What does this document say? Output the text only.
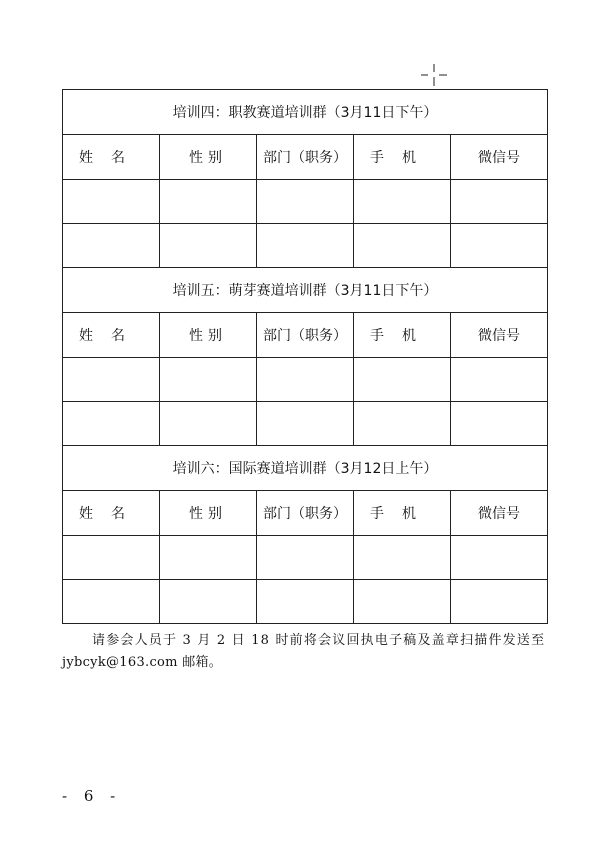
培训四：职教赛道培训群（3月11日下午）				
姓名	性别	部门（职务）	手机	微信号

培训五：萌芽赛道培训群（3月11日下午）				
姓名	性别	部门（职务）	手机	微信号

培训六：国际赛道培训群（3月12日上午）				
姓名	性别	部门（职务）	手机	微信号

请参会人员于 3 月 2 日 18 时前将会议回执电子稿及盖章扫描件发送至
jybcyk@163.com 邮箱。
- 6 -
